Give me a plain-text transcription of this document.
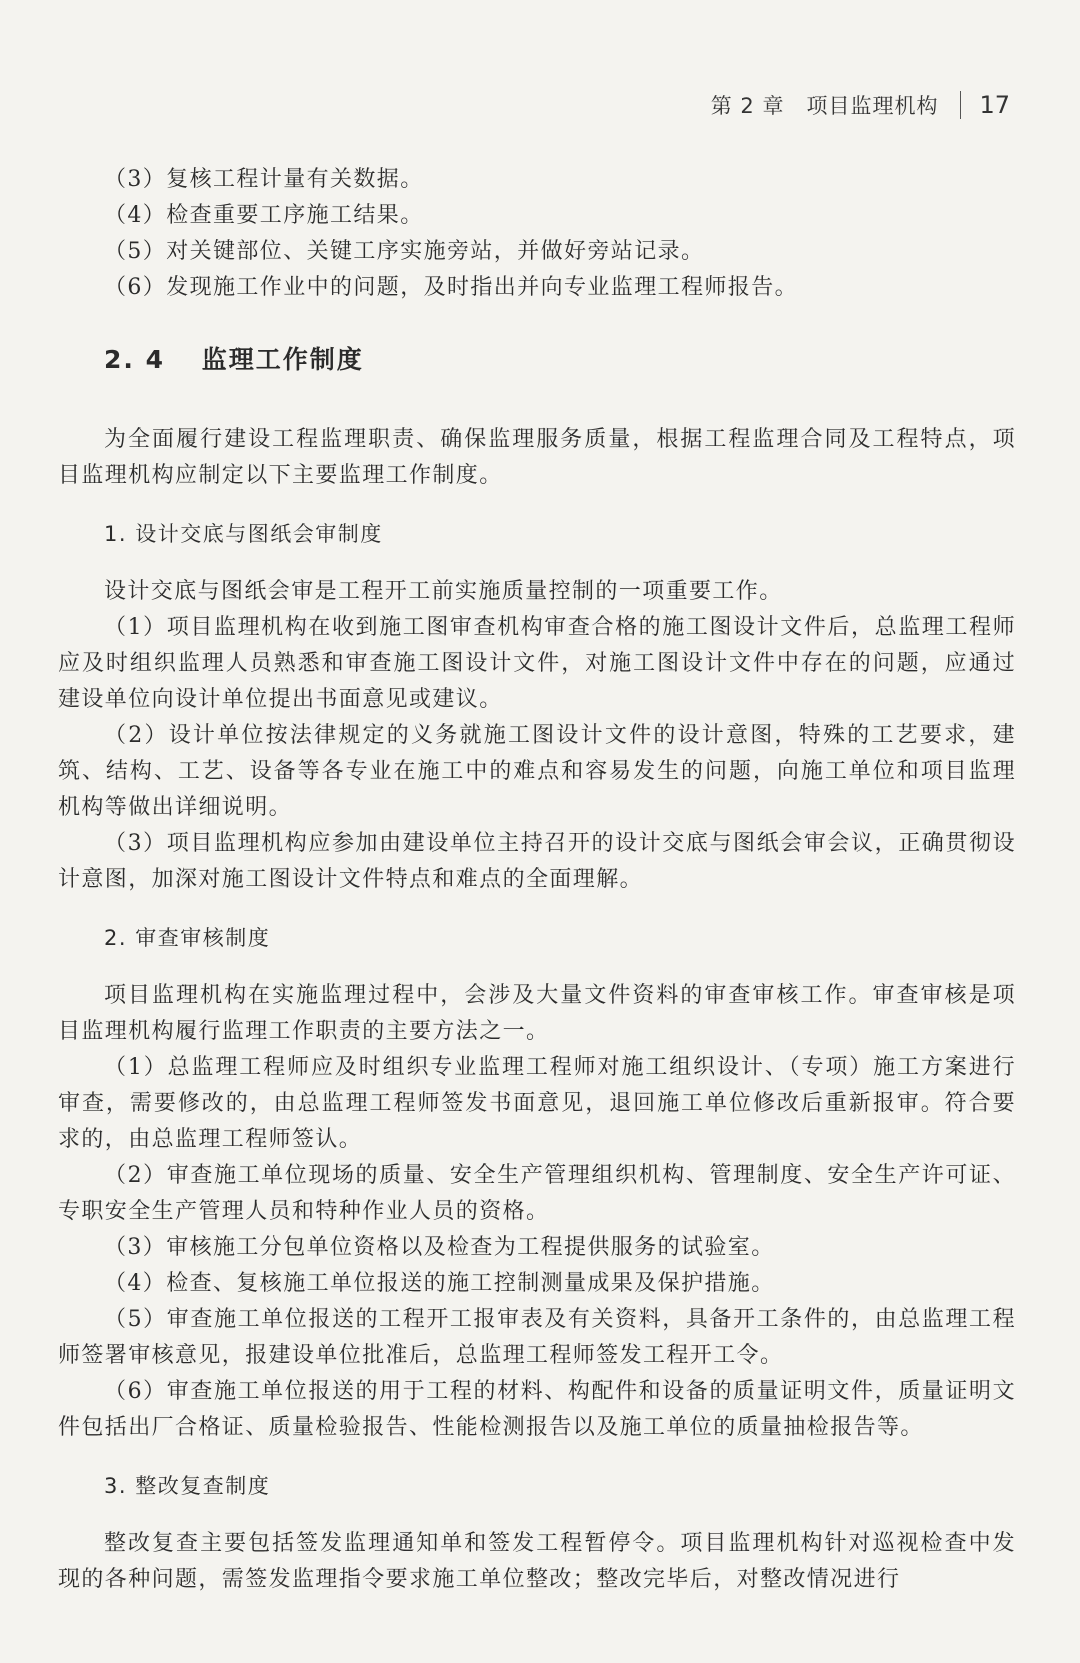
第 2 章 项目监理机构 17

（3）复核工程计量有关数据。

（4）检查重要工序施工结果。

（5）对关键部位、关键工序实施旁站，并做好旁站记录。

（6）发现施工作业中的问题，及时指出并向专业监理工程师报告。

2. 4 监理工作制度

为全面履行建设工程监理职责、确保监理服务质量，根据工程监理合同及工程特点，项目监理机构应制定以下主要监理工作制度。

1. 设计交底与图纸会审制度

设计交底与图纸会审是工程开工前实施质量控制的一项重要工作。

（1）项目监理机构在收到施工图审查机构审查合格的施工图设计文件后，总监理工程师应及时组织监理人员熟悉和审查施工图设计文件，对施工图设计文件中存在的问题，应通过建设单位向设计单位提出书面意见或建议。

（2）设计单位按法律规定的义务就施工图设计文件的设计意图，特殊的工艺要求，建筑、结构、工艺、设备等各专业在施工中的难点和容易发生的问题，向施工单位和项目监理机构等做出详细说明。

（3）项目监理机构应参加由建设单位主持召开的设计交底与图纸会审会议，正确贯彻设计意图，加深对施工图设计文件特点和难点的全面理解。

2. 审查审核制度

项目监理机构在实施监理过程中，会涉及大量文件资料的审查审核工作。审查审核是项目监理机构履行监理工作职责的主要方法之一。

（1）总监理工程师应及时组织专业监理工程师对施工组织设计、（专项）施工方案进行审查，需要修改的，由总监理工程师签发书面意见，退回施工单位修改后重新报审。符合要求的，由总监理工程师签认。

（2）审查施工单位现场的质量、安全生产管理组织机构、管理制度、安全生产许可证、专职安全生产管理人员和特种作业人员的资格。

（3）审核施工分包单位资格以及检查为工程提供服务的试验室。

（4）检查、复核施工单位报送的施工控制测量成果及保护措施。

（5）审查施工单位报送的工程开工报审表及有关资料，具备开工条件的，由总监理工程师签署审核意见，报建设单位批准后，总监理工程师签发工程开工令。

（6）审查施工单位报送的用于工程的材料、构配件和设备的质量证明文件，质量证明文件包括出厂合格证、质量检验报告、性能检测报告以及施工单位的质量抽检报告等。

3. 整改复查制度

整改复查主要包括签发监理通知单和签发工程暂停令。项目监理机构针对巡视检查中发现的各种问题，需签发监理指令要求施工单位整改；整改完毕后，对整改情况进行
